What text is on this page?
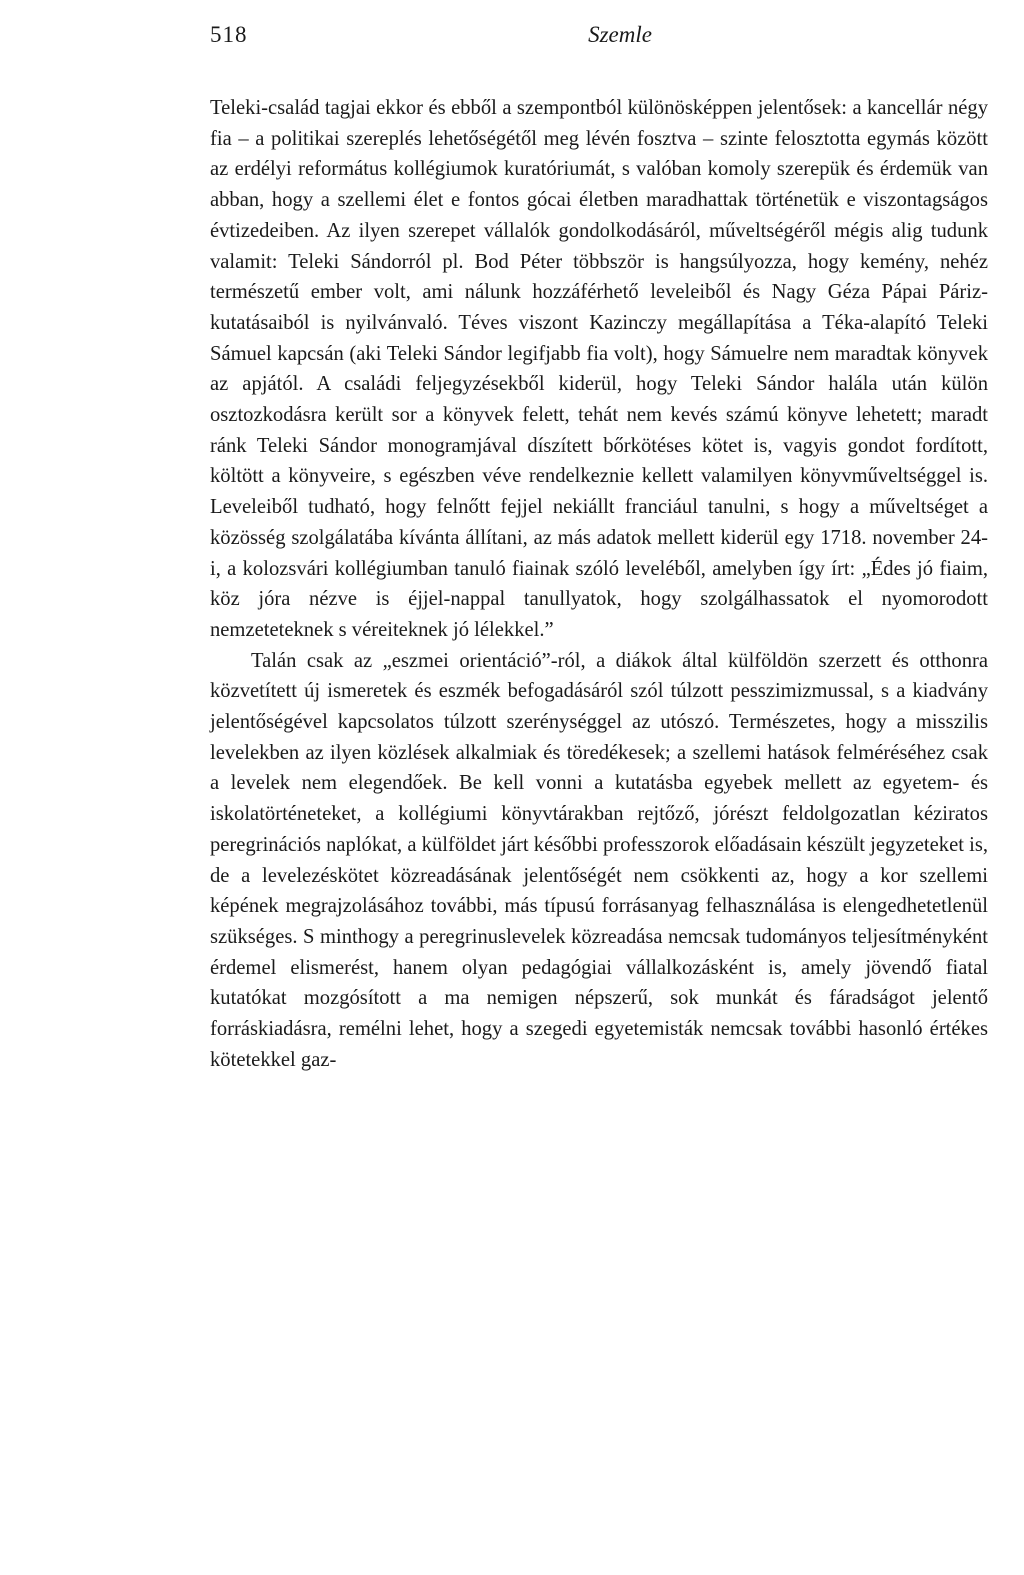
518	Szemle

Teleki-család tagjai ekkor és ebből a szempontból különösképpen jelentősek: a kancellár négy fia – a politikai szereplés lehetőségétől meg lévén fosztva – szinte felosztotta egymás között az erdélyi református kollégiumok kuratóriumát, s valóban komoly szerepük és érdemük van abban, hogy a szellemi élet e fontos gócai életben maradhattak történetük e viszontagságos évtizedeiben. Az ilyen szerepet vállalók gondolkodásáról, műveltségéről mégis alig tudunk valamit: Teleki Sándorról pl. Bod Péter többször is hangsúlyozza, hogy kemény, nehéz természetű ember volt, ami nálunk hozzáférhető leveleiből és Nagy Géza Pápai Páriz-kutatásaiból is nyilvánvaló. Téves viszont Kazinczy megállapítása a Téka-alapító Teleki Sámuel kapcsán (aki Teleki Sándor legifjabb fia volt), hogy Sámuelre nem maradtak könyvek az apjától. A családi feljegyzésekből kiderül, hogy Teleki Sándor halála után külön osztozkodásra került sor a könyvek felett, tehát nem kevés számú könyve lehetett; maradt ránk Teleki Sándor monogramjával díszített bőrkötéses kötet is, vagyis gondot fordított, költött a könyveire, s egészben véve rendelkeznie kellett valamilyen könyvműveltséggel is. Leveleiből tudható, hogy felnőtt fejjel nekiállt franciául tanulni, s hogy a műveltséget a közösség szolgálatába kívánta állítani, az más adatok mellett kiderül egy 1718. november 24-i, a kolozsvári kollégiumban tanuló fiainak szóló leveléből, amelyben így írt: „Édes jó fiaim, köz jóra nézve is éjjel-nappal tanullyatok, hogy szolgálhassatok el nyomorodott nemzeteteknek s véreiteknek jó lélekkel.”

Talán csak az „eszmei orientáció”-ról, a diákok által külföldön szerzett és otthonra közvetített új ismeretek és eszmék befogadásáról szól túlzott pesszimizmussal, s a kiadvány jelentőségével kapcsolatos túlzott szerénységgel az utószó. Természetes, hogy a misszilis levelekben az ilyen közlések alkalmiak és töredékesek; a szellemi hatások felméréséhez csak a levelek nem elegendőek. Be kell vonni a kutatásba egyebek mellett az egyetem- és iskolatörténeteket, a kollégiumi könyvtárakban rejtőző, jórészt feldolgozatlan kéziratos peregrinációs naplókat, a külföldet járt későbbi professzorok előadásain készült jegyzeteket is, de a levelezéskötet közreadásának jelentőségét nem csökkenti az, hogy a kor szellemi képének megrajzolásához további, más típusú forrásanyag felhasználása is elengedhetetlenül szükséges. S minthogy a peregrinuslevelek közreadása nemcsak tudományos teljesítményként érdemel elismerést, hanem olyan pedagógiai vállalkozásként is, amely jövendő fiatal kutatókat mozgósított a ma nemigen népszerű, sok munkát és fáradságot jelentő forráskiadásra, remélni lehet, hogy a szegedi egyetemisták nemcsak további hasonló értékes kötetekkel gaz-
